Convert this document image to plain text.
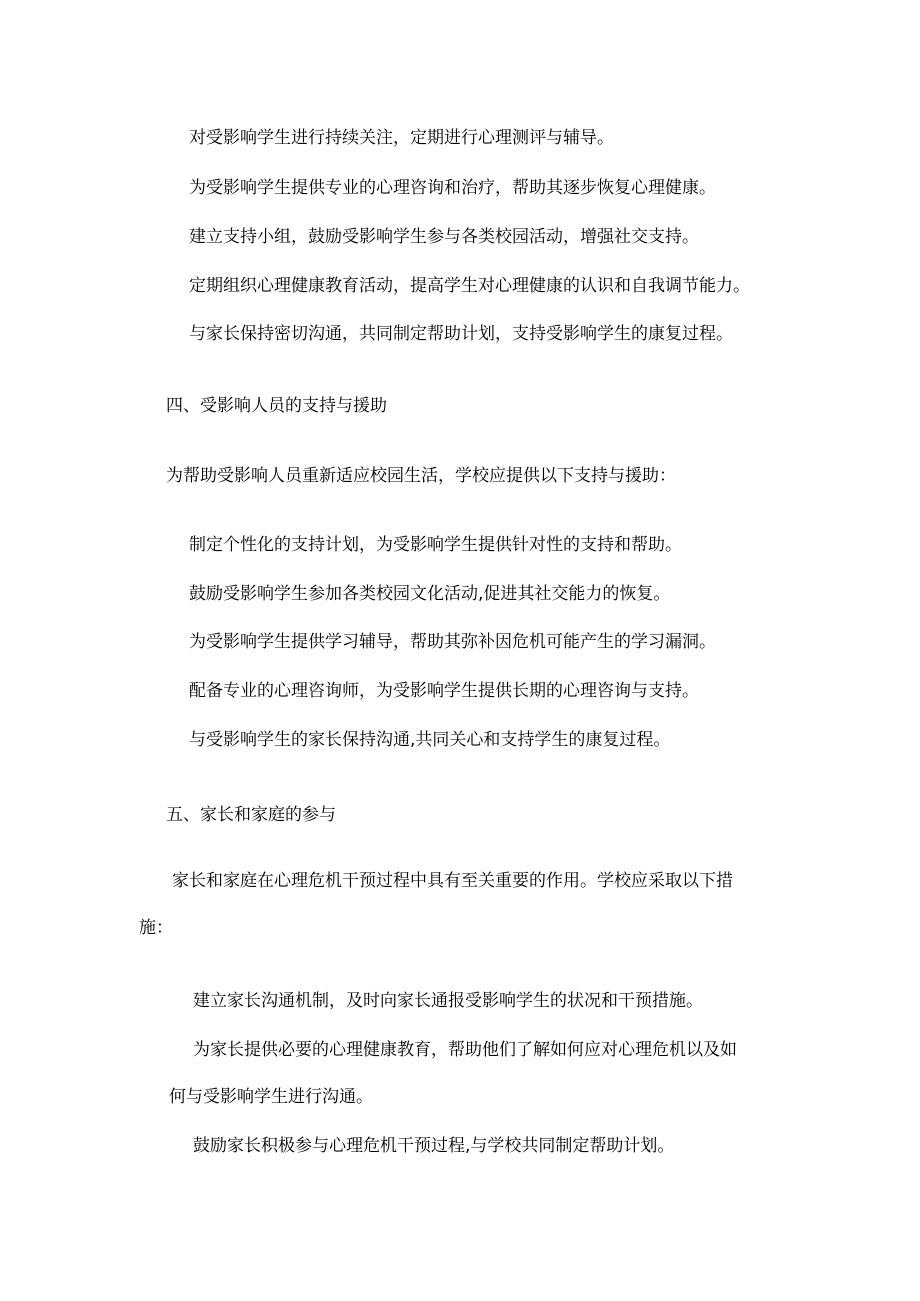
对受影响学生进行持续关注，定期进行心理测评与辅导。
为受影响学生提供专业的心理咨询和治疗，帮助其逐步恢复心理健康。
建立支持小组，鼓励受影响学生参与各类校园活动，增强社交支持。
定期组织心理健康教育活动，提高学生对心理健康的认识和自我调节能力。
与家长保持密切沟通，共同制定帮助计划，支持受影响学生的康复过程。
四、受影响人员的支持与援助
为帮助受影响人员重新适应校园生活，学校应提供以下支持与援助：
制定个性化的支持计划，为受影响学生提供针对性的支持和帮助。
鼓励受影响学生参加各类校园文化活动,促进其社交能力的恢复。
为受影响学生提供学习辅导，帮助其弥补因危机可能产生的学习漏洞。
配备专业的心理咨询师，为受影响学生提供长期的心理咨询与支持。
与受影响学生的家长保持沟通,共同关心和支持学生的康复过程。
五、家长和家庭的参与
家长和家庭在心理危机干预过程中具有至关重要的作用。学校应采取以下措
施：
建立家长沟通机制，及时向家长通报受影响学生的状况和干预措施。
为家长提供必要的心理健康教育，帮助他们了解如何应对心理危机以及如
何与受影响学生进行沟通。
鼓励家长积极参与心理危机干预过程,与学校共同制定帮助计划。
